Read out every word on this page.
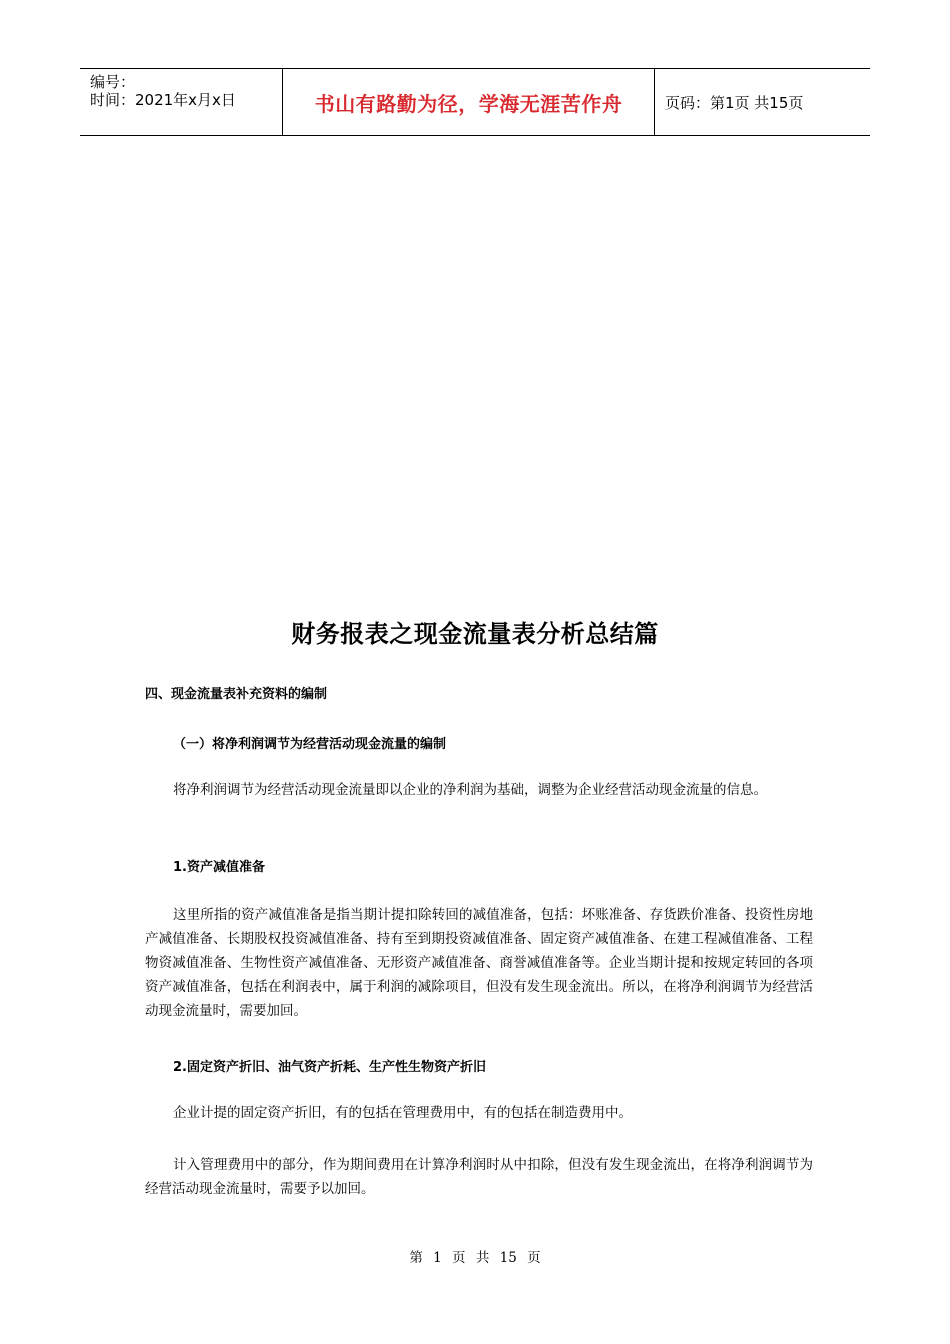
编号：
时间：2021年x月x日	书山有路勤为径，学海无涯苦作舟	页码：第1页 共15页
财务报表之现金流量表分析总结篇
四、现金流量表补充资料的编制
（一）将净利润调节为经营活动现金流量的编制
将净利润调节为经营活动现金流量即以企业的净利润为基础，调整为企业经营活动现金流量的信息。
1.资产减值准备
这里所指的资产减值准备是指当期计提扣除转回的减值准备，包括：坏账准备、存货跌价准备、投资性房地产减值准备、长期股权投资减值准备、持有至到期投资减值准备、固定资产减值准备、在建工程减值准备、工程物资减值准备、生物性资产减值准备、无形资产减值准备、商誉减值准备等。企业当期计提和按规定转回的各项资产减值准备，包括在利润表中，属于利润的减除项目，但没有发生现金流出。所以，在将净利润调节为经营活动现金流量时，需要加回。
2.固定资产折旧、油气资产折耗、生产性生物资产折旧
企业计提的固定资产折旧，有的包括在管理费用中，有的包括在制造费用中。
计入管理费用中的部分，作为期间费用在计算净利润时从中扣除，但没有发生现金流出，在将净利润调节为经营活动现金流量时，需要予以加回。
第 1 页 共 15 页
